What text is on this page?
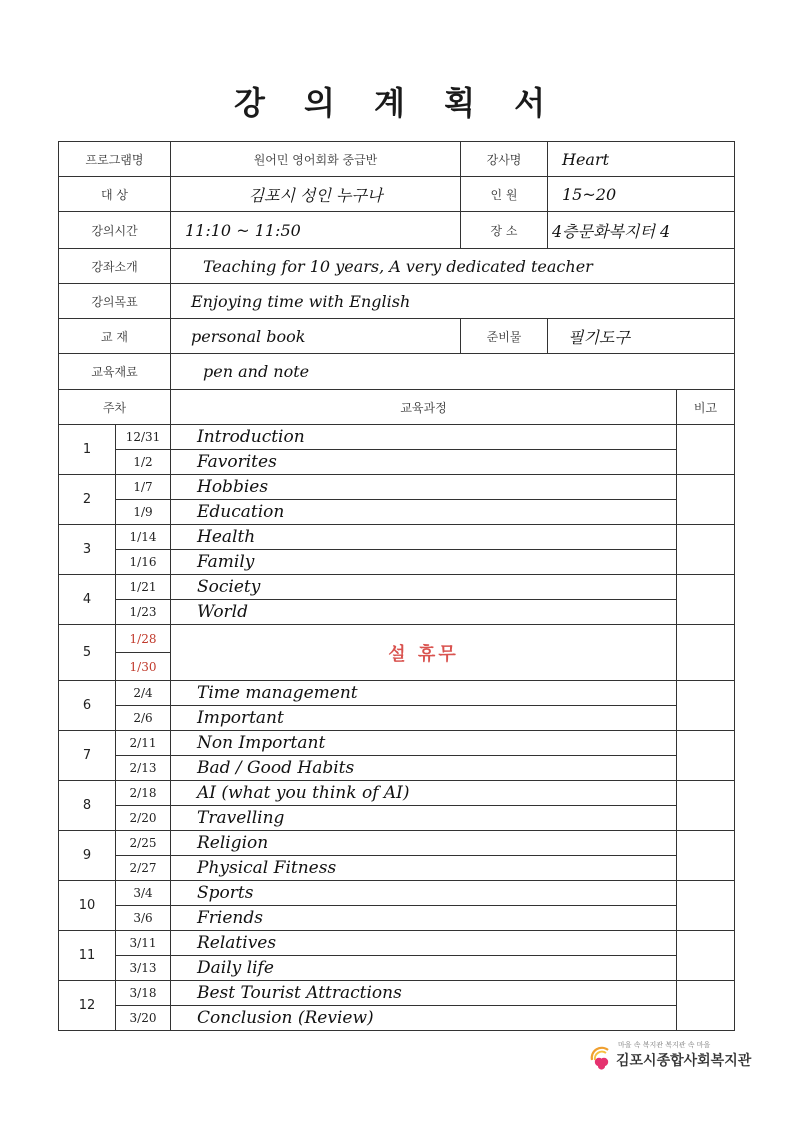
강 의 계 획 서
프로그램명		원어민 영어회화 중급반	강사명	Heart	
대 상		김포시 성인 누구나	인 원	15~20	
강의시간		11:10 ~ 11:50	장 소	4층문화복지터 4	
강좌소개		Teaching for 10 years, A very dedicated teacher			
강의목표		Enjoying time with English			
교 재		personal book	준비물	필기도구	
교육재료		pen and note			
주차		교육과정			비고
1	12/31	Introduction			
	1/2	Favorites			
2	1/7	Hobbies			
	1/9	Education			
3	1/14	Health			
	1/16	Family			
4	1/21	Society			
	1/23	World			
5	1/28	설 휴무			
	1/30				
6	2/4	Time management			
	2/6	Important			
7	2/11	Non Important			
	2/13	Bad / Good Habits			
8	2/18	AI (what you think of AI)			
	2/20	Travelling			
9	2/25	Religion			
	2/27	Physical Fitness			
10	3/4	Sports			
	3/6	Friends			
11	3/11	Relatives			
	3/13	Daily life			
12	3/18	Best Tourist Attractions			
	3/20	Conclusion (Review)			
마을 속 복지관 복지관 속 마을
김포시종합사회복지관
